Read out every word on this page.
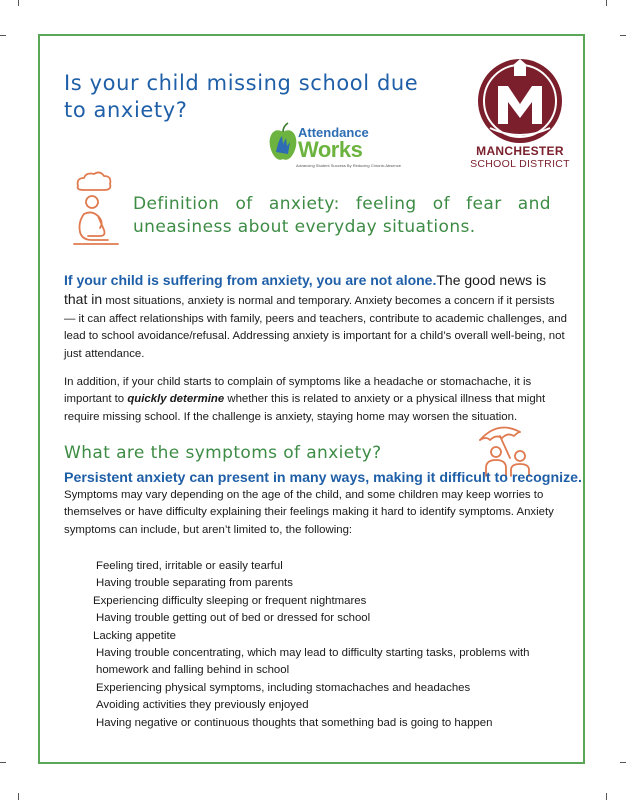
Is your child missing school due to anxiety?
Attendance
Works
Advancing Student Success By Reducing Chronic Absence
MANCHESTER
SCHOOL DISTRICT
Definition of anxiety: feeling of fear and uneasiness about everyday situations.
If your child is suffering from anxiety, you are not alone.The good news is that in most situations, anxiety is normal and temporary. Anxiety becomes a concern if it persists — it can affect relationships with family, peers and teachers, contribute to academic challenges, and lead to school avoidance/refusal. Addressing anxiety is important for a child’s overall well-being, not just attendance.
In addition, if your child starts to complain of symptoms like a headache or stomachache, it is important to quickly determine whether this is related to anxiety or a physical illness that might require missing school. If the challenge is anxiety, staying home may worsen the situation.
What are the symptoms of anxiety?

Persistent anxiety can present in many ways, making it difficult to recognize.

Symptoms may vary depending on the age of the child, and some children may keep worries to themselves or have difficulty explaining their feelings making it hard to identify symptoms. Anxiety symptoms can include, but aren’t limited to, the following:
Feeling tired, irritable or easily tearful
Having trouble separating from parents
Experiencing difficulty sleeping or frequent nightmares
Having trouble getting out of bed or dressed for school
Lacking appetite
Having trouble concentrating, which may lead to difficulty starting tasks, problems with homework and falling behind in school
Experiencing physical symptoms, including stomachaches and headaches
Avoiding activities they previously enjoyed
Having negative or continuous thoughts that something bad is going to happen
